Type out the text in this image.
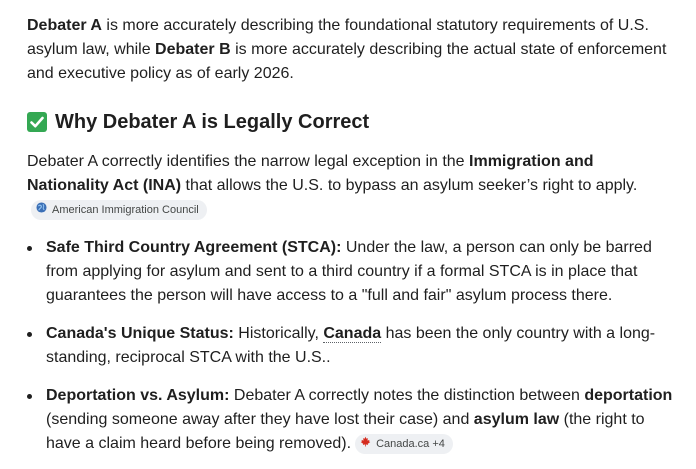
Debater A is more accurately describing the foundational statutory requirements of U.S. asylum law, while Debater B is more accurately describing the actual state of enforcement and executive policy as of early 2026.

Why Debater A is Legally Correct

Debater A correctly identifies the narrow legal exception in the Immigration and Nationality Act (INA) that allows the U.S. to bypass an asylum seeker’s right to apply.
American Immigration Council

Safe Third Country Agreement (STCA): Under the law, a person can only be barred from applying for asylum and sent to a third country if a formal STCA is in place that guarantees the person will have access to a "full and fair" asylum process there.
Canada's Unique Status: Historically, Canada has been the only country with a long-standing, reciprocal STCA with the U.S..
Deportation vs. Asylum: Debater A correctly notes the distinction between deportation (sending someone away after they have lost their case) and asylum law (the right to have a claim heard before being removed). Canada.ca +4
